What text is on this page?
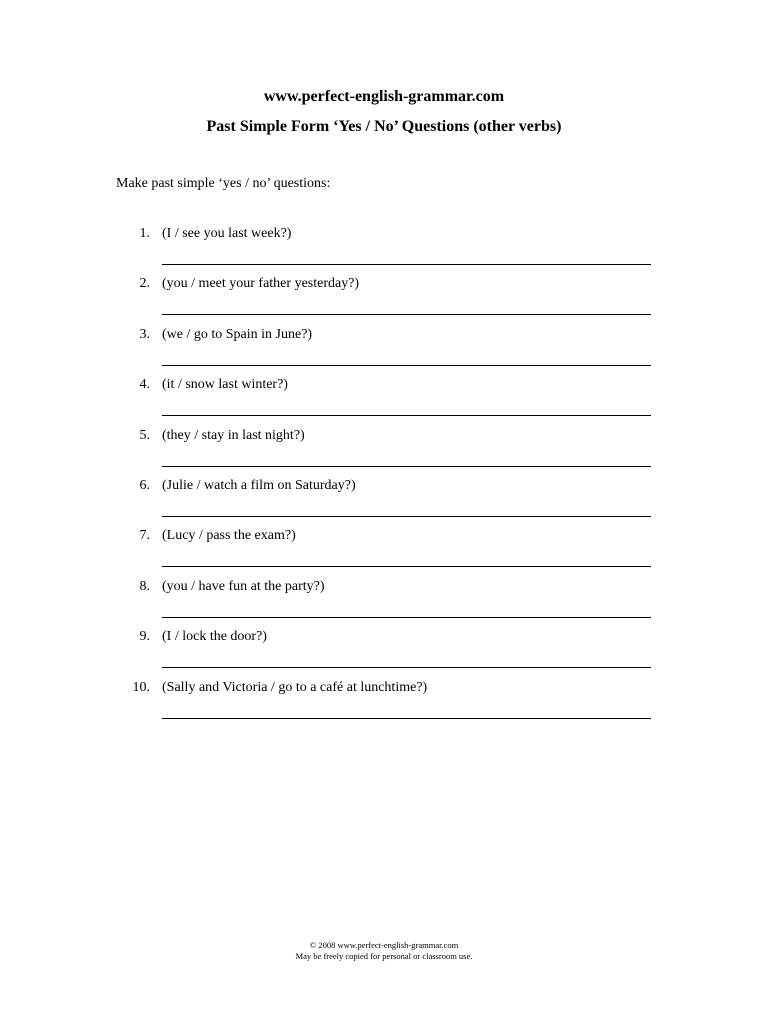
www.perfect-english-grammar.com
Past Simple Form ‘Yes / No’ Questions (other verbs)
Make past simple ‘yes / no’ questions:
1. (I / see you last week?)
2. (you / meet your father yesterday?)
3. (we / go to Spain in June?)
4. (it / snow last winter?)
5. (they / stay in last night?)
6. (Julie / watch a film on Saturday?)
7. (Lucy / pass the exam?)
8. (you / have fun at the party?)
9. (I / lock the door?)
10. (Sally and Victoria / go to a café at lunchtime?)
© 2008 www.perfect-english-grammar.com
May be freely copied for personal or classroom use.
